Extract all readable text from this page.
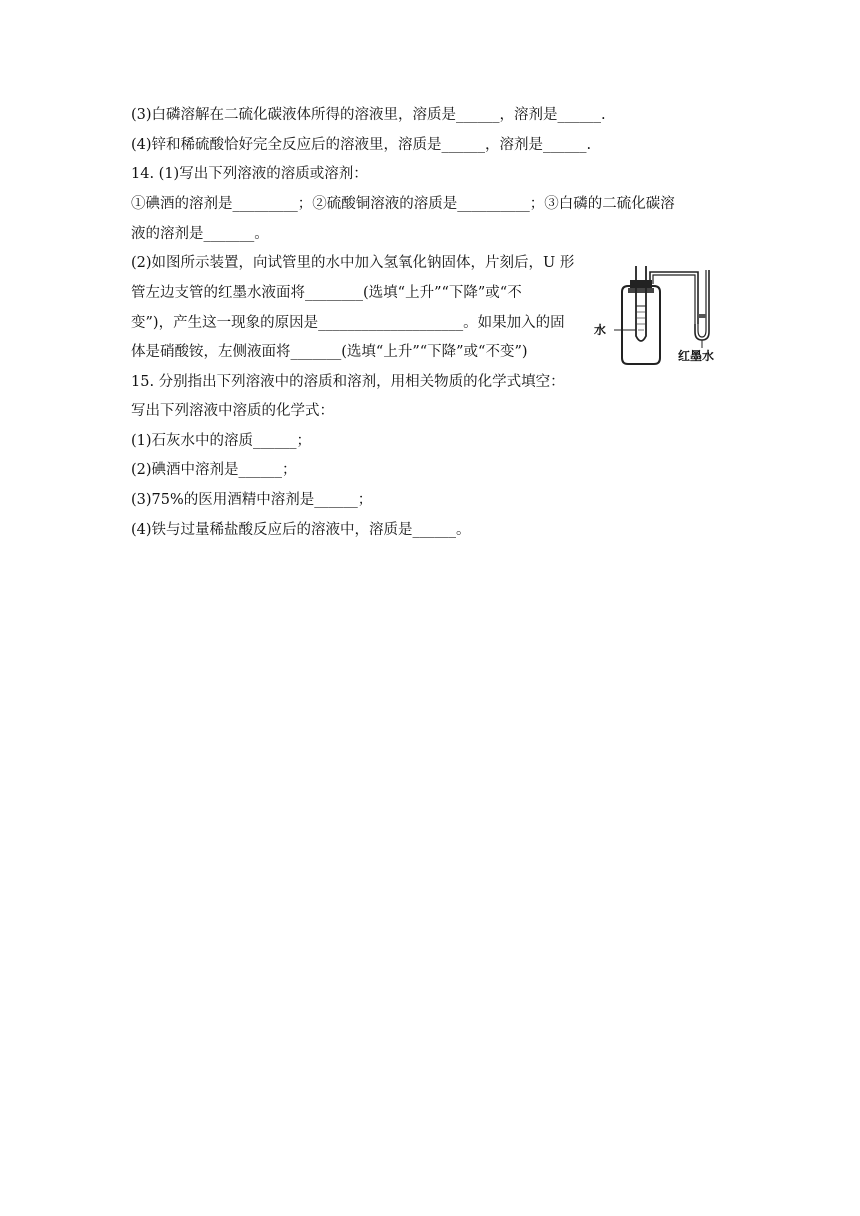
(3)白磷溶解在二硫化碳液体所得的溶液里，溶质是______，溶剂是______.
(4)锌和稀硫酸恰好完全反应后的溶液里，溶质是______，溶剂是______.
14. (1)写出下列溶液的溶质或溶剂：
①碘酒的溶剂是_________；②硫酸铜溶液的溶质是__________；③白磷的二硫化碳溶
液的溶剂是_______。
(2)如图所示装置，向试管里的水中加入氢氧化钠固体，片刻后，U 形
管左边支管的红墨水液面将________(选填“上升”“下降”或“不
变”)，产生这一现象的原因是____________________。如果加入的固
体是硝酸铵，左侧液面将_______(选填“上升”“下降”或“不变”)
15. 分别指出下列溶液中的溶质和溶剂，用相关物质的化学式填空：
写出下列溶液中溶质的化学式：
(1)石灰水中的溶质______；
(2)碘酒中溶剂是______；
(3)75%的医用酒精中溶剂是______；
(4)铁与过量稀盐酸反应后的溶液中，溶质是______。
水
红墨水
